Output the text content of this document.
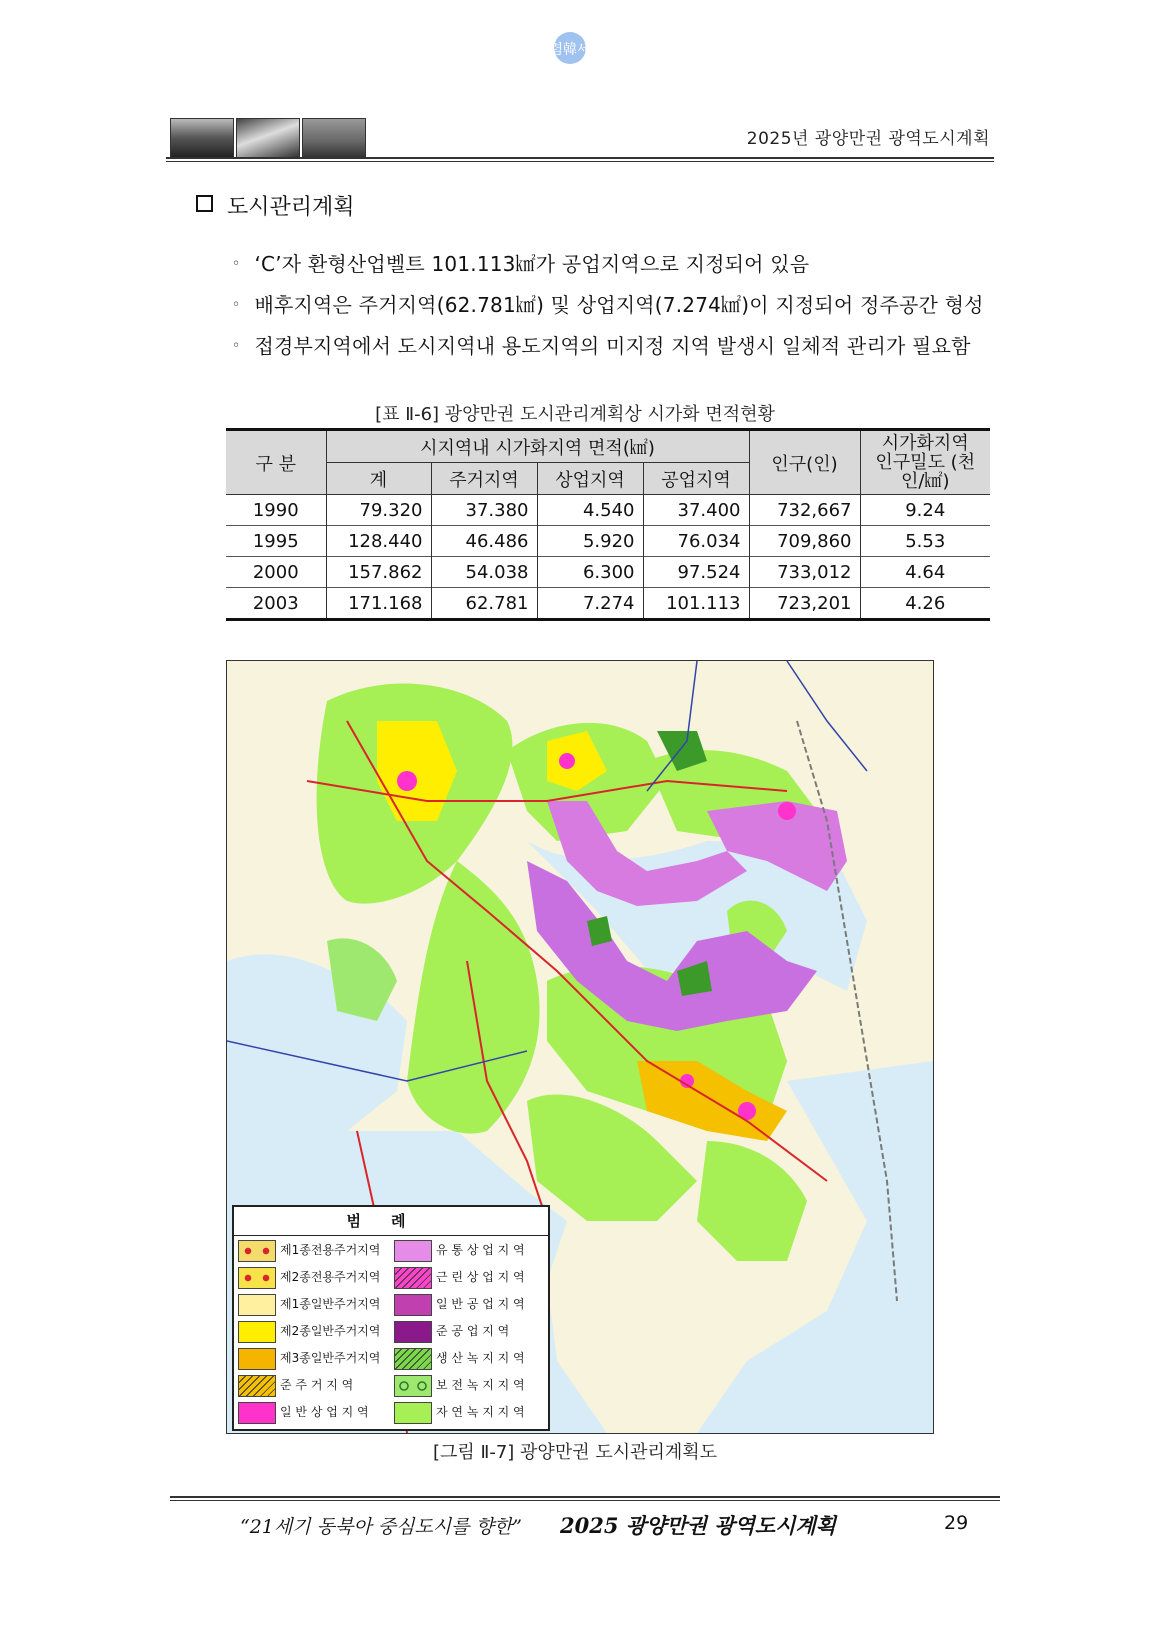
청렴韓세상
2025년 광양만권 광역도시계획
도시관리계획
◦ ‘C’자 환형산업벨트 101.113㎢가 공업지역으로 지정되어 있음
◦ 배후지역은 주거지역(62.781㎢) 및 상업지역(7.274㎢)이 지정되어 정주공간 형성
◦ 접경부지역에서 도시지역내 용도지역의 미지정 지역 발생시 일체적 관리가 필요함
[표 Ⅱ-6] 광양만권 도시관리계획상 시가화 면적현황
구 분	시지역내 시가화지역 면적(㎢)				인구(인)	시가화지역 인구밀도 (천인/㎢)
	계	주거지역	상업지역	공업지역		
1990	79.320	37.380	4.540	37.400	732,667	9.24
1995	128.440	46.486	5.920	76.034	709,860	5.53
2000	157.862	54.038	6.300	97.524	733,012	4.64
2003	171.168	62.781	7.274	101.113	723,201	4.26
범례
제1종전용주거지역
제2종전용주거지역
제1종일반주거지역
제2종일반주거지역
제3종일반주거지역
준 주 거 지 역
일 반 상 업 지 역
유 통 상 업 지 역
근 린 상 업 지 역
일 반 공 업 지 역
준 공 업 지 역
생 산 녹 지 지 역
보 전 녹 지 지 역
자 연 녹 지 지 역
[그림 Ⅱ-7] 광양만권 도시관리계획도
“21세기 동북아 중심도시를 향한” 2025 광양만권 광역도시계획	29
